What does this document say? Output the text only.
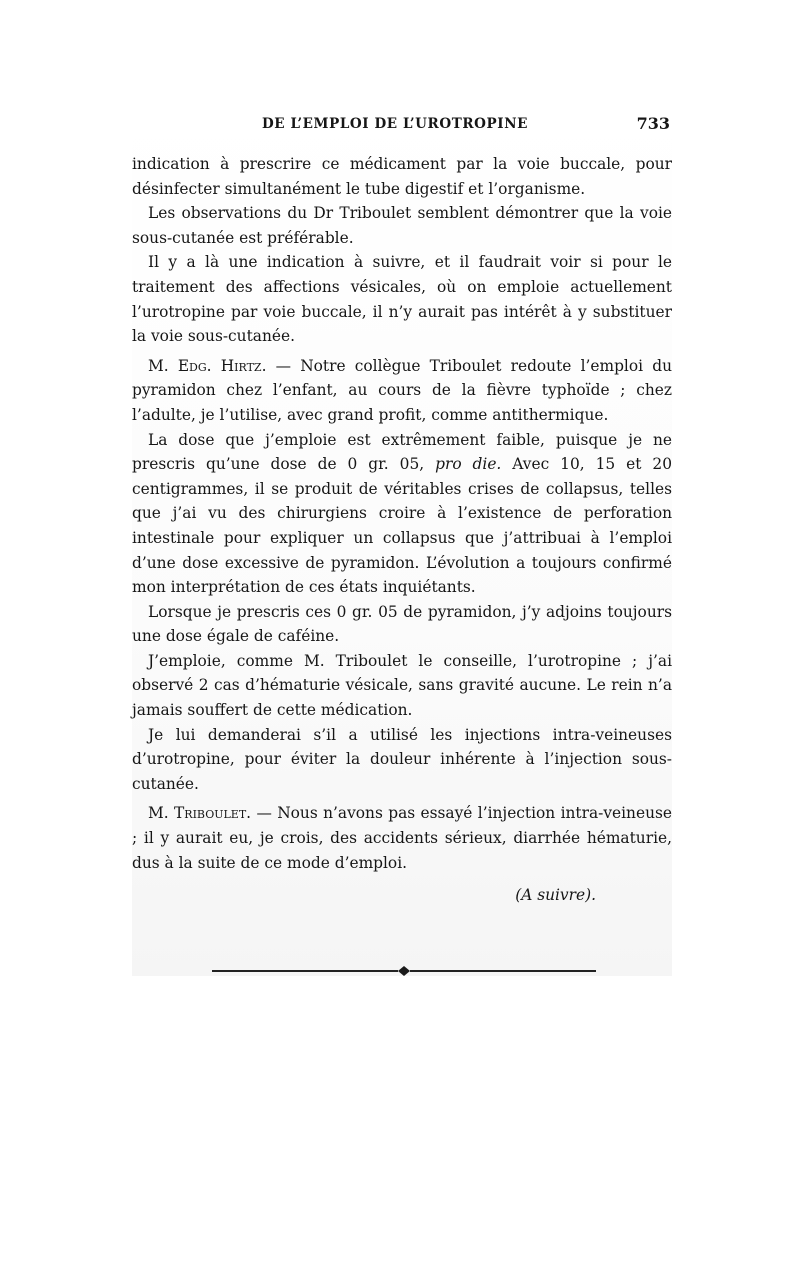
DE L’EMPLOI DE L’UROTROPINE	733

indication à prescrire ce médicament par la voie buccale, pour désinfecter simultanément le tube digestif et l’organisme.

Les observations du Dr Triboulet semblent démontrer que la voie sous-cutanée est préférable.

Il y a là une indication à suivre, et il faudrait voir si pour le traitement des affections vésicales, où on emploie actuellement l’urotropine par voie buccale, il n’y aurait pas intérêt à y substituer la voie sous-cutanée.

M. Edg. Hirtz. — Notre collègue Triboulet redoute l’emploi du pyramidon chez l’enfant, au cours de la fièvre typhoïde ; chez l’adulte, je l’utilise, avec grand profit, comme antithermique.

La dose que j’emploie est extrêmement faible, puisque je ne prescris qu’une dose de 0 gr. 05, pro die. Avec 10, 15 et 20 centigrammes, il se produit de véritables crises de collapsus, telles que j’ai vu des chirurgiens croire à l’existence de perforation intestinale pour expliquer un collapsus que j’attribuai à l’emploi d’une dose excessive de pyramidon. L’évolution a toujours confirmé mon interprétation de ces états inquiétants.

Lorsque je prescris ces 0 gr. 05 de pyramidon, j’y adjoins toujours une dose égale de caféine.

J’emploie, comme M. Triboulet le conseille, l’urotropine ; j’ai observé 2 cas d’hématurie vésicale, sans gravité aucune. Le rein n’a jamais souffert de cette médication.

Je lui demanderai s’il a utilisé les injections intra-veineuses d’urotropine, pour éviter la douleur inhérente à l’injection sous-cutanée.

M. Triboulet. — Nous n’avons pas essayé l’injection intra-veineuse ; il y aurait eu, je crois, des accidents sérieux, diarrhée hématurie, dus à la suite de ce mode d’emploi.

(A suivre).
